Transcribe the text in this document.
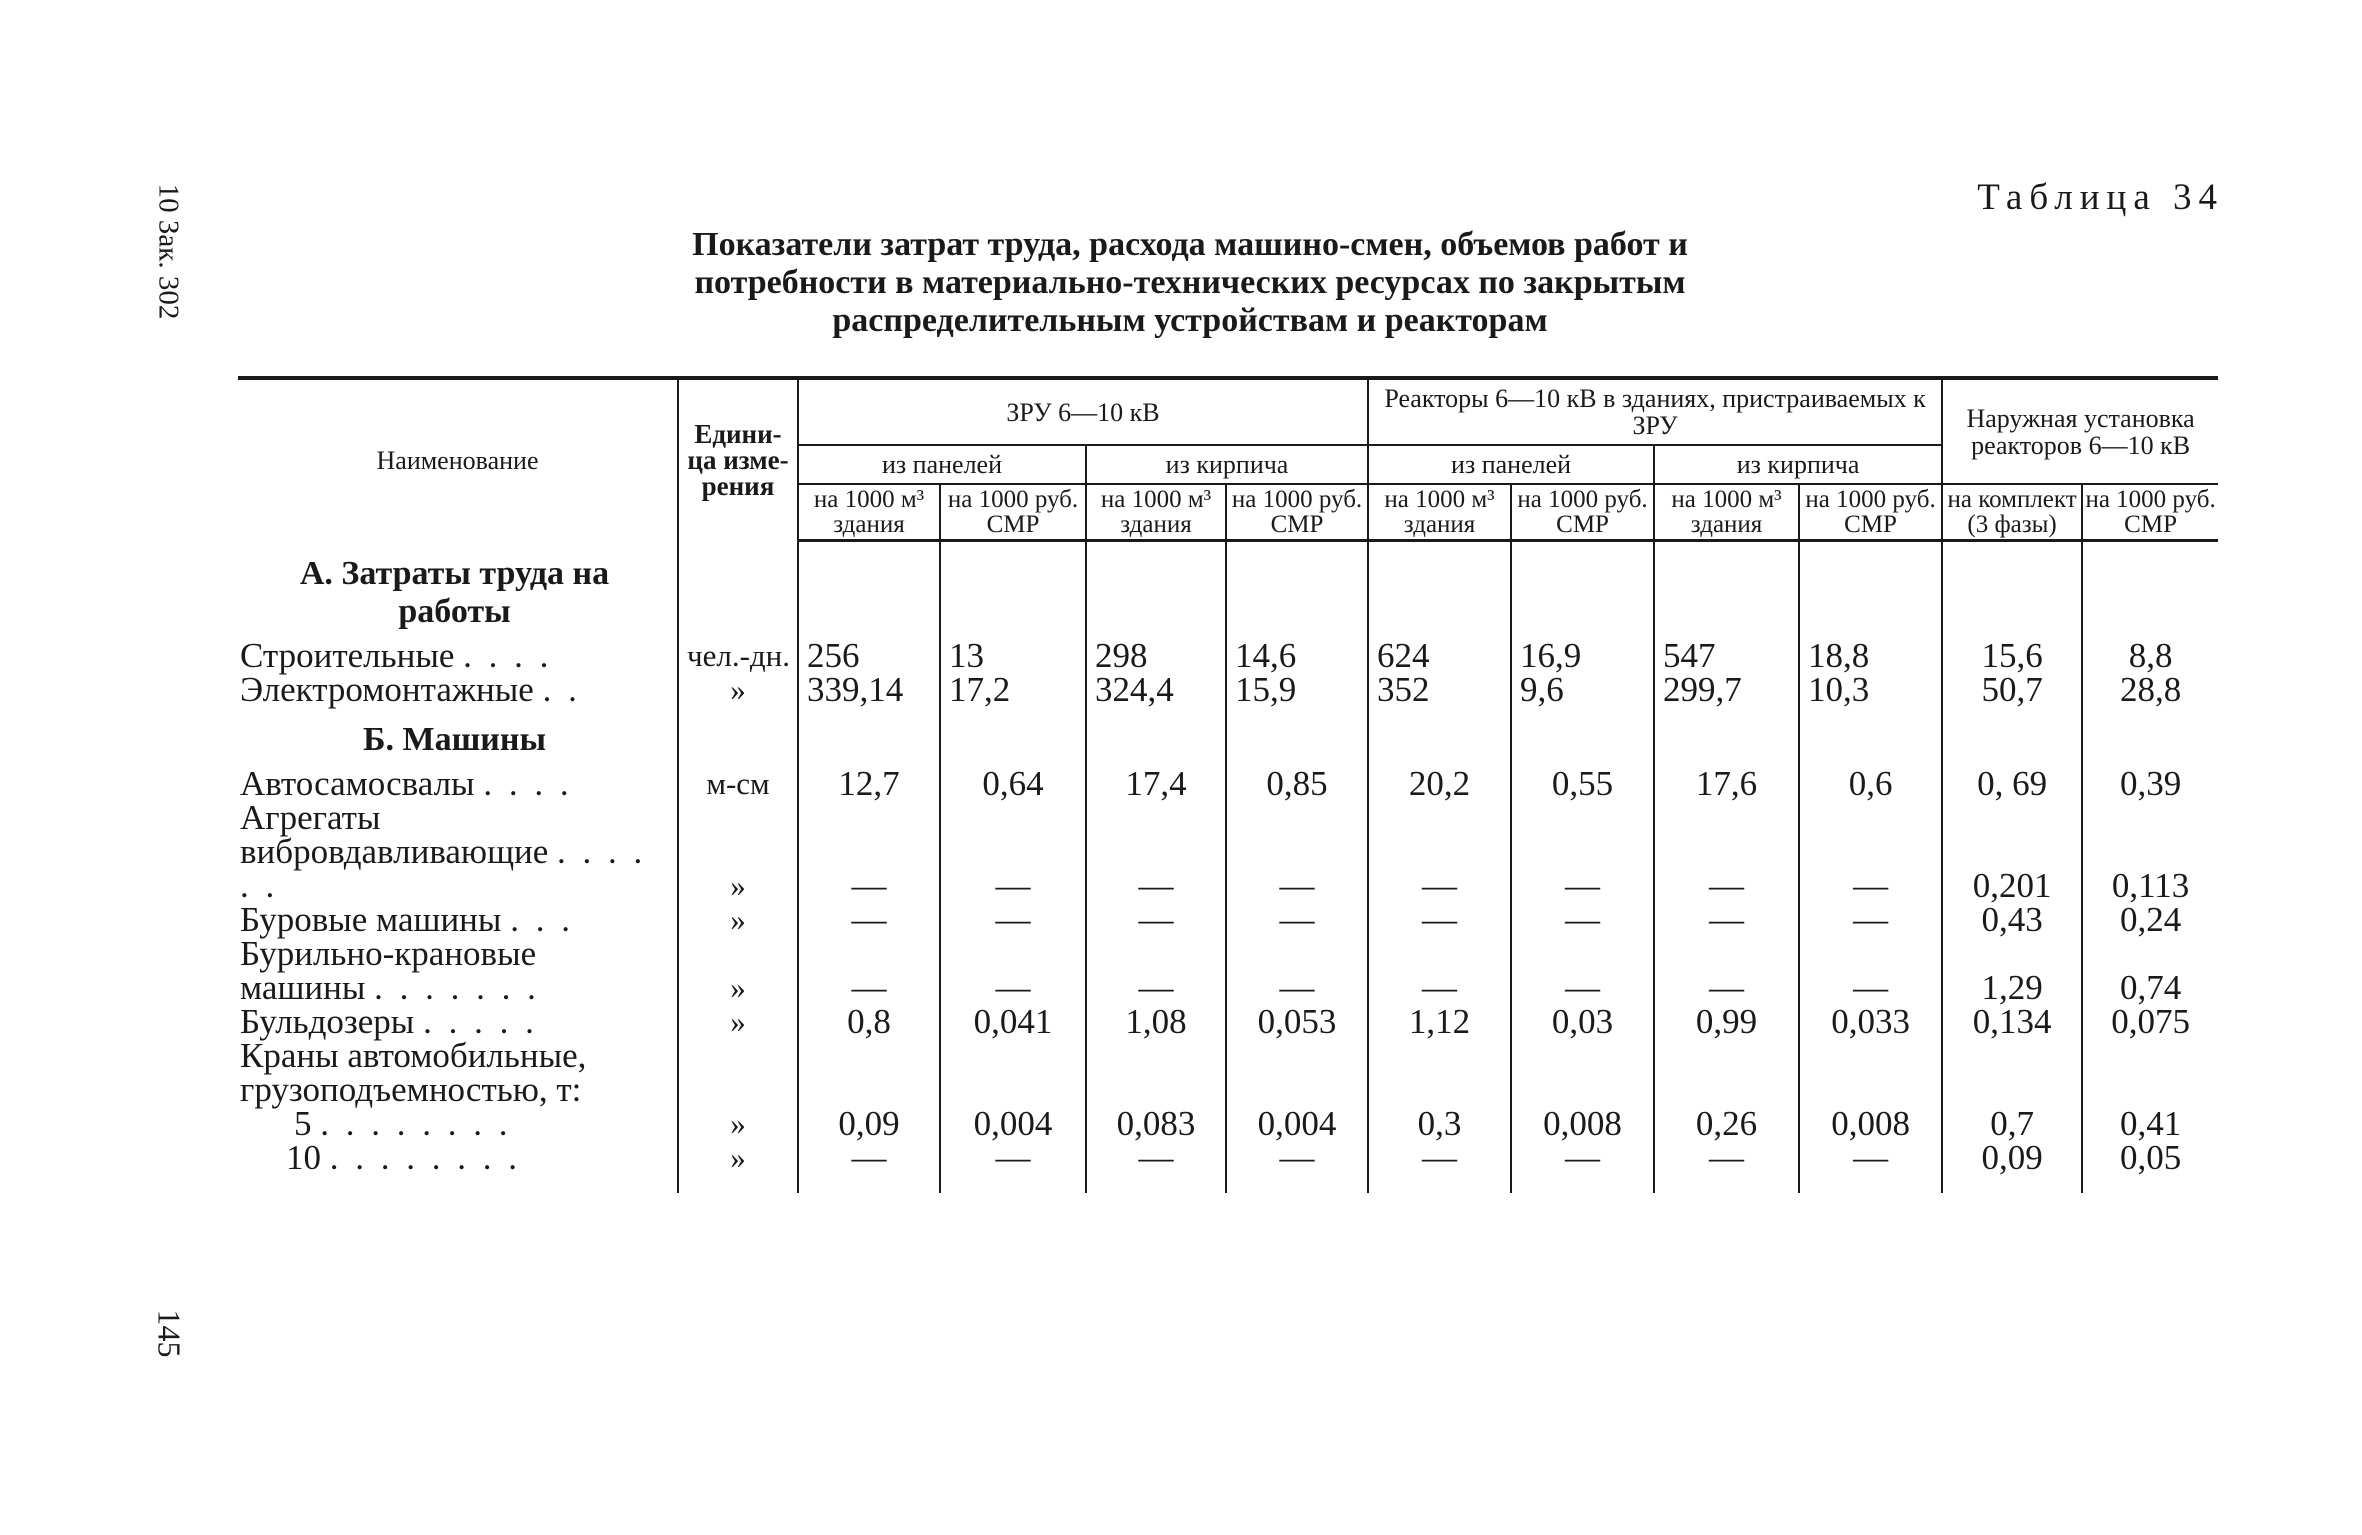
10 Зак. 302
145
Таблица 34
Показатели затрат труда, расхода машино-смен, объемов работ и
потребности в материально-технических ресурсах по закрытым
распределительным устройствам и реакторам
Наименование	Едини-ца изме-рения	ЗРУ 6—10 кВ				Реакторы 6—10 кВ в зданиях, пристраиваемых к ЗРУ				Наружная установка реакторов 6—10 кВ	
		из панелей		из кирпича		из панелей		из кирпича			
		на 1000 м³ здания	на 1000 руб. СМР	на 1000 м³ здания	на 1000 руб. СМР	на 1000 м³ здания	на 1000 руб. СМР	на 1000 м³ здания	на 1000 руб. СМР	на комплект (3 фазы)	на 1000 руб. СМР
А. Затраты труда на работы											
Строительные . . . .	чел.-дн.	256	13	298	14,6	624	16,9	547	18,8	15,6	8,8
Электромонтажные . .	»	339,14	17,2	324,4	15,9	352	9,6	299,7	10,3	50,7	28,8
Б. Машины											
Автосамосвалы . . . .	м-см	12,7	0,64	17,4	0,85	20,2	0,55	17,6	0,6	0, 69	0,39
Агрегаты вибровдавливающие . . . . . .	»	—	—	—	—	—	—	—	—	0,201	0,113
Буровые машины . . .	»	—	—	—	—	—	—	—	—	0,43	0,24
Бурильно-крановые машины . . . . . . .	»	—	—	—	—	—	—	—	—	1,29	0,74
Бульдозеры . . . . .	»	0,8	0,041	1,08	0,053	1,12	0,03	0,99	0,033	0,134	0,075
Краны автомобильные, грузоподъемностью, т:											
5 . . . . . . . .	»	0,09	0,004	0,083	0,004	0,3	0,008	0,26	0,008	0,7	0,41
10 . . . . . . . .	»	—	—	—	—	—	—	—	—	0,09	0,05
